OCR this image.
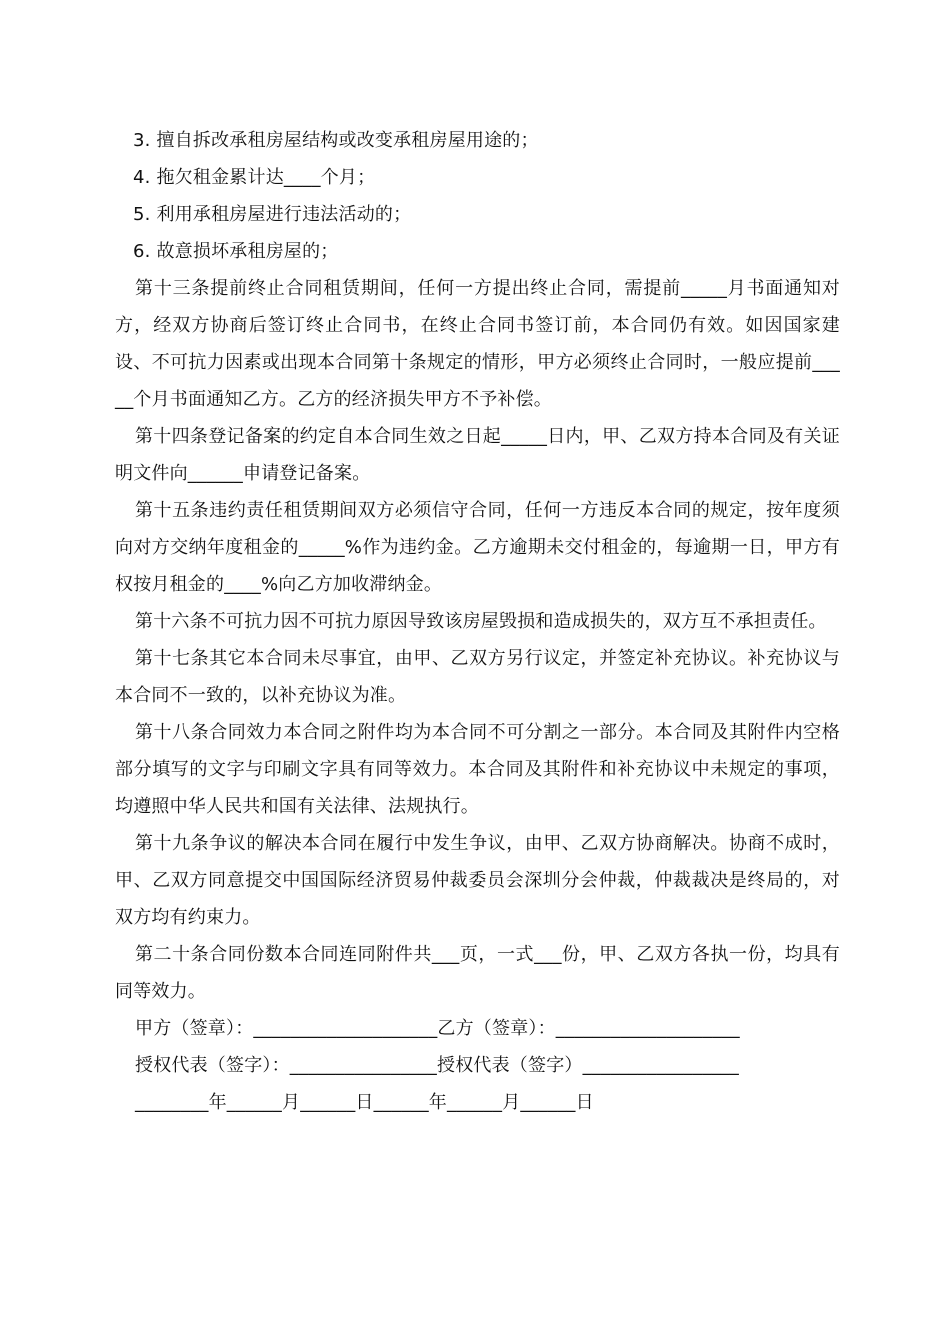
3. 擅自拆改承租房屋结构或改变承租房屋用途的；

4. 拖欠租金累计达____个月；

5. 利用承租房屋进行违法活动的；

6. 故意损坏承租房屋的；

第十三条提前终止合同租赁期间，任何一方提出终止合同，需提前_____月书面通知对方，经双方协商后签订终止合同书，在终止合同书签订前，本合同仍有效。如因国家建设、不可抗力因素或出现本合同第十条规定的情形，甲方必须终止合同时，一般应提前_____个月书面通知乙方。乙方的经济损失甲方不予补偿。

第十四条登记备案的约定自本合同生效之日起_____日内，甲、乙双方持本合同及有关证明文件向______申请登记备案。

第十五条违约责任租赁期间双方必须信守合同，任何一方违反本合同的规定，按年度须向对方交纳年度租金的_____%作为违约金。乙方逾期未交付租金的，每逾期一日，甲方有权按月租金的____%向乙方加收滞纳金。

第十六条不可抗力因不可抗力原因导致该房屋毁损和造成损失的，双方互不承担责任。

第十七条其它本合同未尽事宜，由甲、乙双方另行议定，并签定补充协议。补充协议与本合同不一致的，以补充协议为准。

第十八条合同效力本合同之附件均为本合同不可分割之一部分。本合同及其附件内空格部分填写的文字与印刷文字具有同等效力。本合同及其附件和补充协议中未规定的事项，均遵照中华人民共和国有关法律、法规执行。

第十九条争议的解决本合同在履行中发生争议，由甲、乙双方协商解决。协商不成时，甲、乙双方同意提交中国国际经济贸易仲裁委员会深圳分会仲裁，仲裁裁决是终局的，对双方均有约束力。

第二十条合同份数本合同连同附件共___页，一式___份，甲、乙双方各执一份，均具有同等效力。

甲方（签章）：____________________乙方（签章）：____________________

授权代表（签字）：________________授权代表（签字）_________________

________年______月______日______年______月______日
